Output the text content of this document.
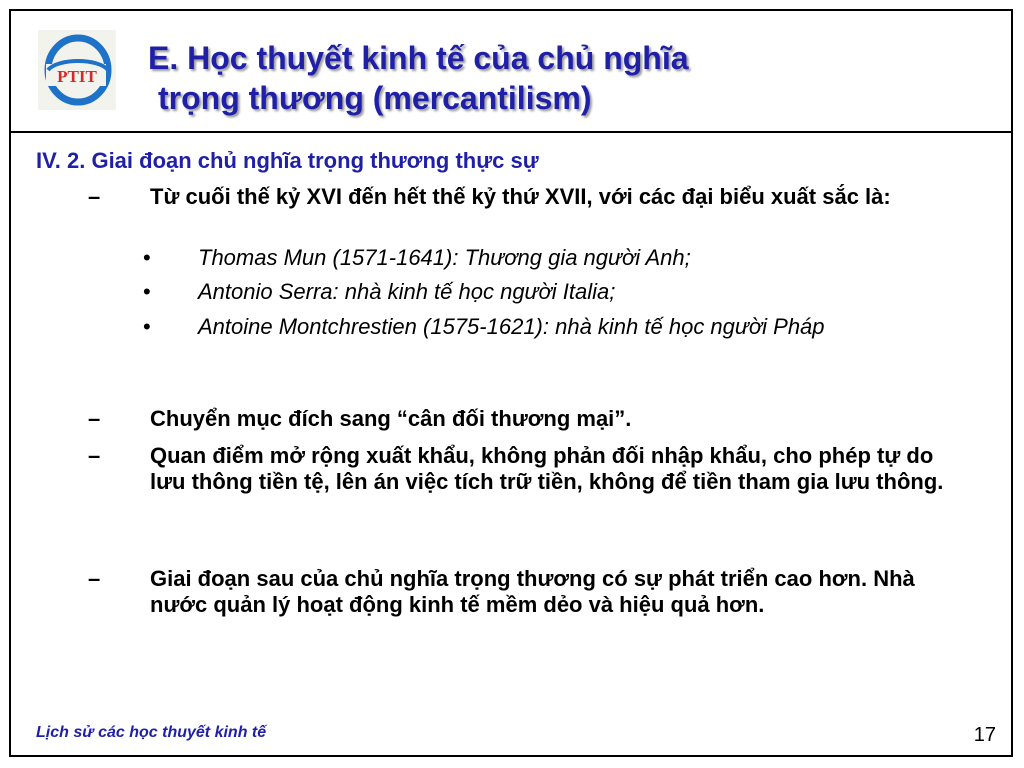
PTIT
E. Học thuyết kinh tế của chủ nghĩa
trọng thương (mercantilism)
IV. 2. Giai đoạn chủ nghĩa trọng thương thực sự
– Từ cuối thế kỷ XVI đến hết thế kỷ thứ XVII, với các đại biểu xuất sắc là:
• Thomas Mun (1571-1641): Thương gia người Anh;
• Antonio Serra: nhà kinh tế học người Italia;
• Antoine Montchrestien (1575-1621): nhà kinh tế học người Pháp
– Chuyển mục đích sang “cân đối thương mại”.
– Quan điểm mở rộng xuất khẩu, không phản đối nhập khẩu, cho phép tự do lưu thông tiền tệ, lên án việc tích trữ tiền, không để tiền tham gia lưu thông.
– Giai đoạn sau của chủ nghĩa trọng thương có sự phát triển cao hơn. Nhà nước quản lý hoạt động kinh tế mềm dẻo và hiệu quả hơn.
Lịch sử các học thuyết kinh tế	17
